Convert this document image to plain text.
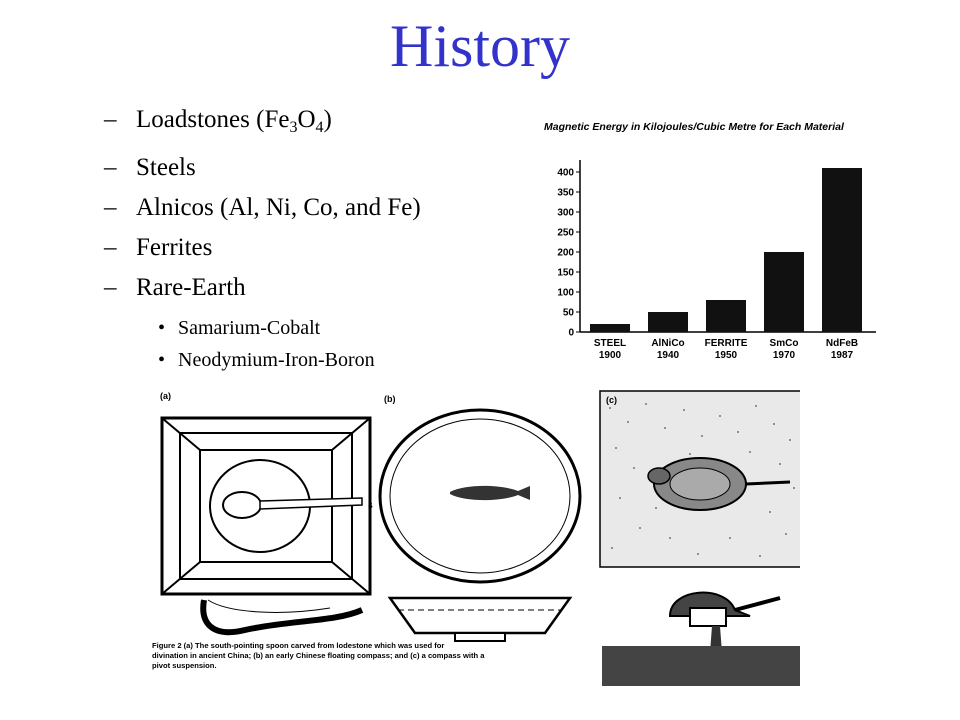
History
– Loadstones $(Fe_3O_4)$
– Steels
– Alnicos (Al, Ni, Co, and Fe)
– Ferrites
– Rare-Earth
• Samarium-Cobalt
• Neodymium-Iron-Boron
Magnetic Energy in Kilojoules/Cubic Metre for Each Material
0
50
100
150
200
250
300
350
400
STEEL
1900
AlNiCo
1940
FERRITE
1950
SmCo
1970
NdFeB
1987
(a)	(b)
S
(c)
Figure 2 (a) The south-pointing spoon carved from lodestone which was used for
divination in ancient China; (b) an early Chinese floating compass; and (c) a compass with a
pivot suspension.
